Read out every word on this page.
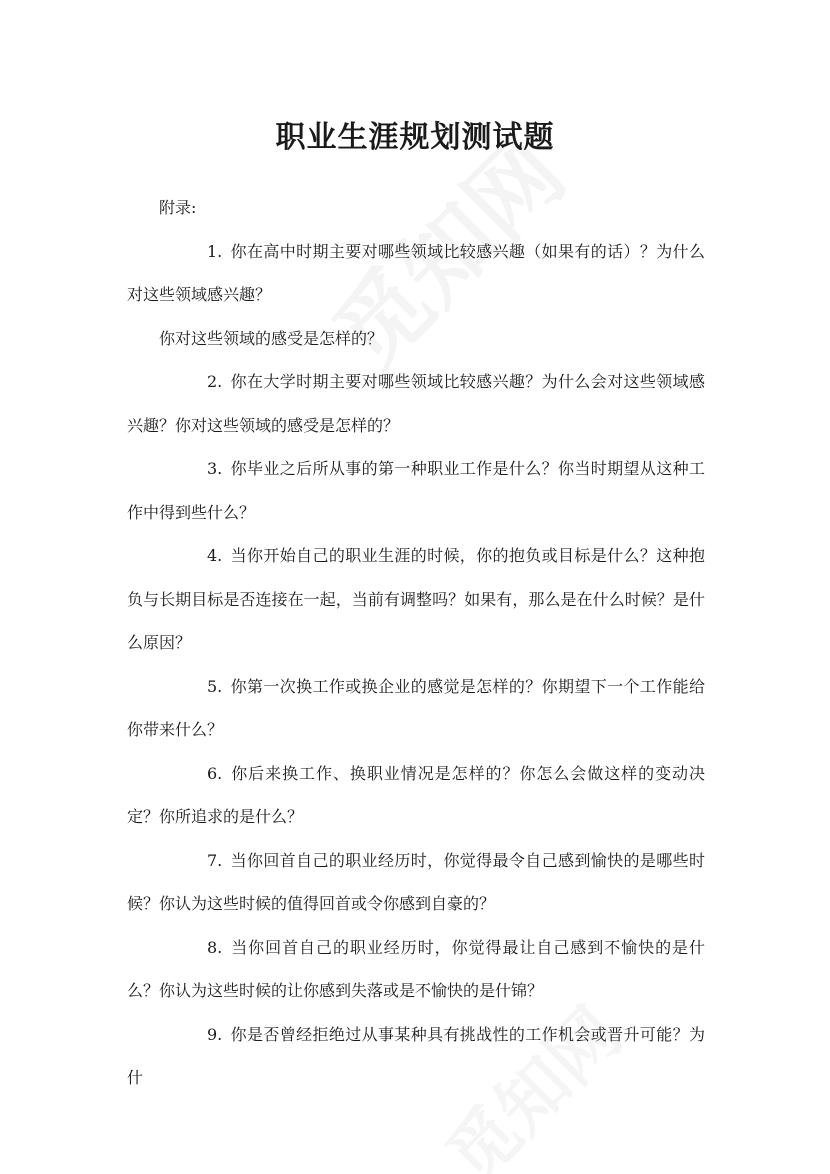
职业生涯规划测试题

附录:

1.  你在高中时期主要对哪些领域比较感兴趣（如果有的话）？为什么对这些领域感兴趣？

你对这些领域的感受是怎样的？

2.  你在大学时期主要对哪些领域比较感兴趣？为什么会对这些领域感兴趣？你对这些领域的感受是怎样的？

3.  你毕业之后所从事的第一种职业工作是什么？你当时期望从这种工作中得到些什么？

4.  当你开始自己的职业生涯的时候，你的抱负或目标是什么？这种抱负与长期目标是否连接在一起，当前有调整吗？如果有，那么是在什么时候？是什么原因？

5.  你第一次换工作或换企业的感觉是怎样的？你期望下一个工作能给你带来什么？

6.  你后来换工作、换职业情况是怎样的？你怎么会做这样的变动决定？你所追求的是什么？

7.  当你回首自己的职业经历时，你觉得最令自己感到愉快的是哪些时候？你认为这些时候的值得回首或令你感到自豪的？

8.  当你回首自己的职业经历时，你觉得最让自己感到不愉快的是什么？你认为这些时候的让你感到失落或是不愉快的是什锦？

9.  你是否曾经拒绝过从事某种具有挑战性的工作机会或晋升可能？为什
